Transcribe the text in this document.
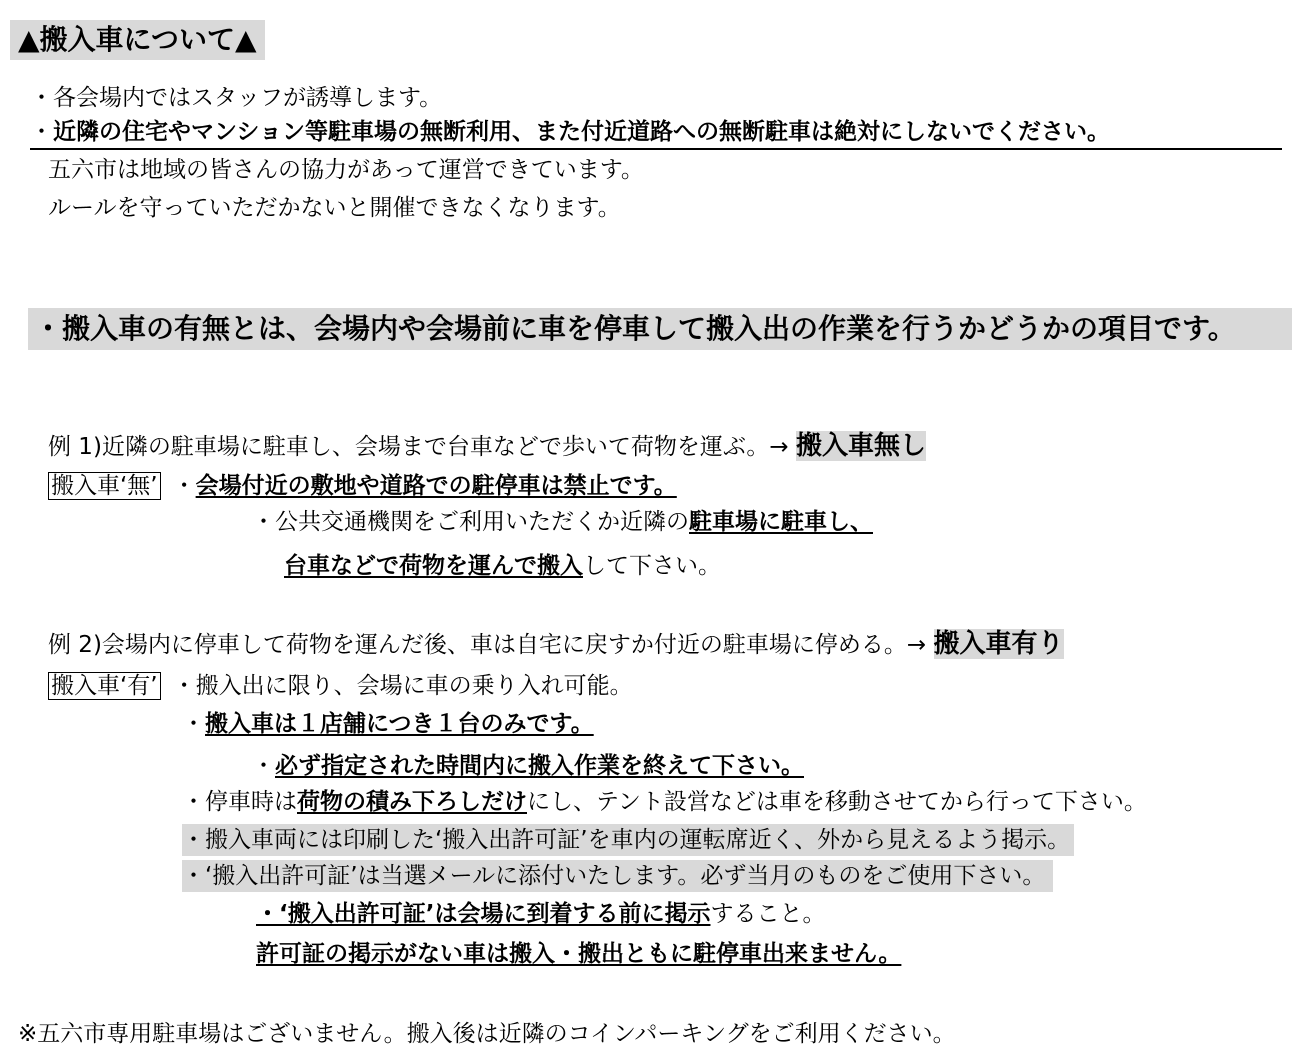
▲搬入車について▲
・各会場内ではスタッフが誘導します。
・近隣の住宅やマンション等駐車場の無断利用、また付近道路への無断駐車は絶対にしないでください。
五六市は地域の皆さんの協力があって運営できています。
ルールを守っていただかないと開催できなくなります。
・搬入車の有無とは、会場内や会場前に車を停車して搬入出の作業を行うかどうかの項目です。
例 1)近隣の駐車場に駐車し、会場まで台車などで歩いて荷物を運ぶ。→ 搬入車無し
搬入車‘無’ ・会場付近の敷地や道路での駐停車は禁止です。
・公共交通機関をご利用いただくか近隣の駐車場に駐車し、
台車などで荷物を運んで搬入して下さい。
例 2)会場内に停車して荷物を運んだ後、車は自宅に戻すか付近の駐車場に停める。→ 搬入車有り
搬入車‘有’ ・搬入出に限り、会場に車の乗り入れ可能。
・搬入車は１店舗につき１台のみです。
・必ず指定された時間内に搬入作業を終えて下さい。
・停車時は荷物の積み下ろしだけにし、テント設営などは車を移動させてから行って下さい。
・搬入車両には印刷した‘搬入出許可証’を車内の運転席近く、外から見えるよう掲示。
・‘搬入出許可証’は当選メールに添付いたします。必ず当月のものをご使用下さい。
・‘搬入出許可証’は会場に到着する前に掲示すること。
許可証の掲示がない車は搬入・搬出ともに駐停車出来ません。
※五六市専用駐車場はございません。搬入後は近隣のコインパーキングをご利用ください。
